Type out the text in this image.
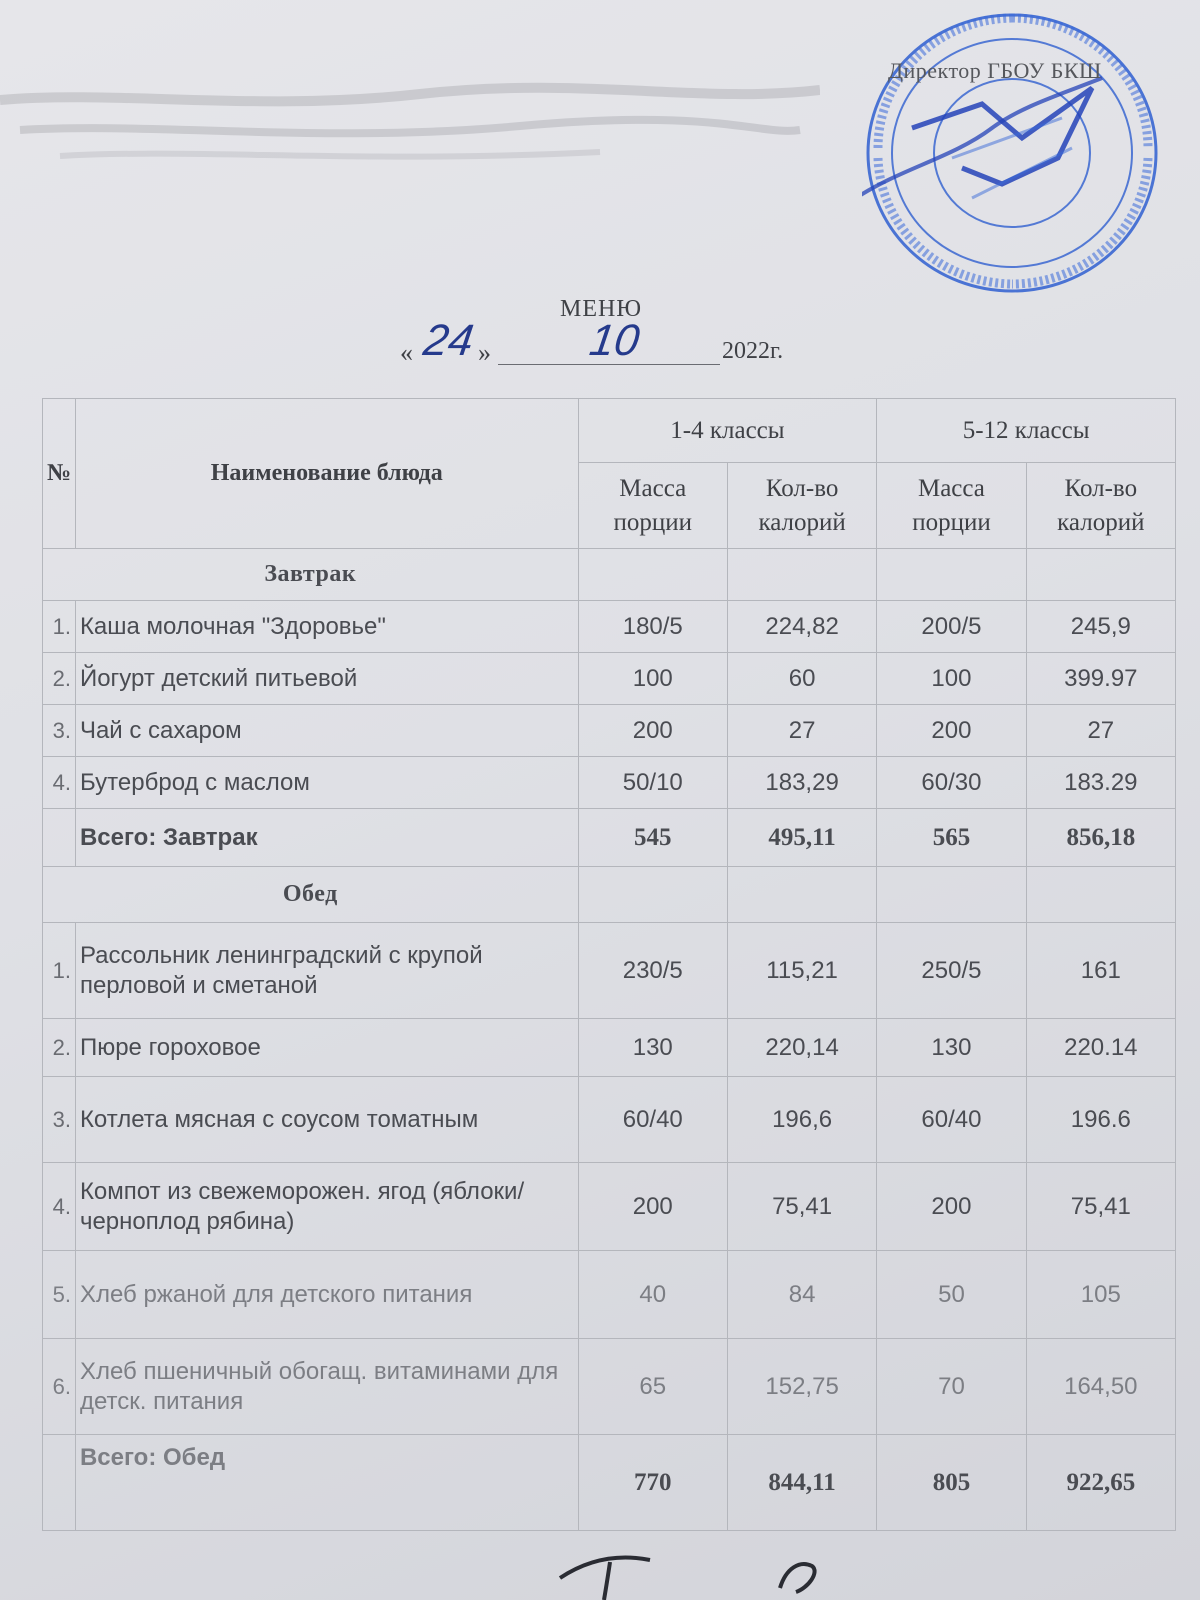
Директор ГБОУ БКШ
МЕНЮ
« 24 » 10	2022г.
№	Наименование блюда	1-4 классы		5-12 классы	
		Масса порции	Кол-во калорий	Масса порции	Кол-во калорий
Завтрак					
1.	Каша молочная "Здоровье"	180/5	224,82	200/5	245,9
2.	Йогурт детский питьевой	100	60	100	399.97
3.	Чай с сахаром	200	27	200	27
4.	Бутерброд с маслом	50/10	183,29	60/30	183.29
	Всего: Завтрак	545	495,11	565	856,18
Обед					
1.	Рассольник ленинградский с крупой перловой и сметаной	230/5	115,21	250/5	161
2.	Пюре гороховое	130	220,14	130	220.14
3.	Котлета мясная с соусом томатным	60/40	196,6	60/40	196.6
4.	Компот из свежеморожен. ягод (яблоки/ черноплод рябина)	200	75,41	200	75,41
5.	Хлеб ржаной для детского питания	40	84	50	105
6.	Хлеб пшеничный обогащ. витаминами для детск. питания	65	152,75	70	164,50
	Всего: Обед	770	844,11	805	922,65
